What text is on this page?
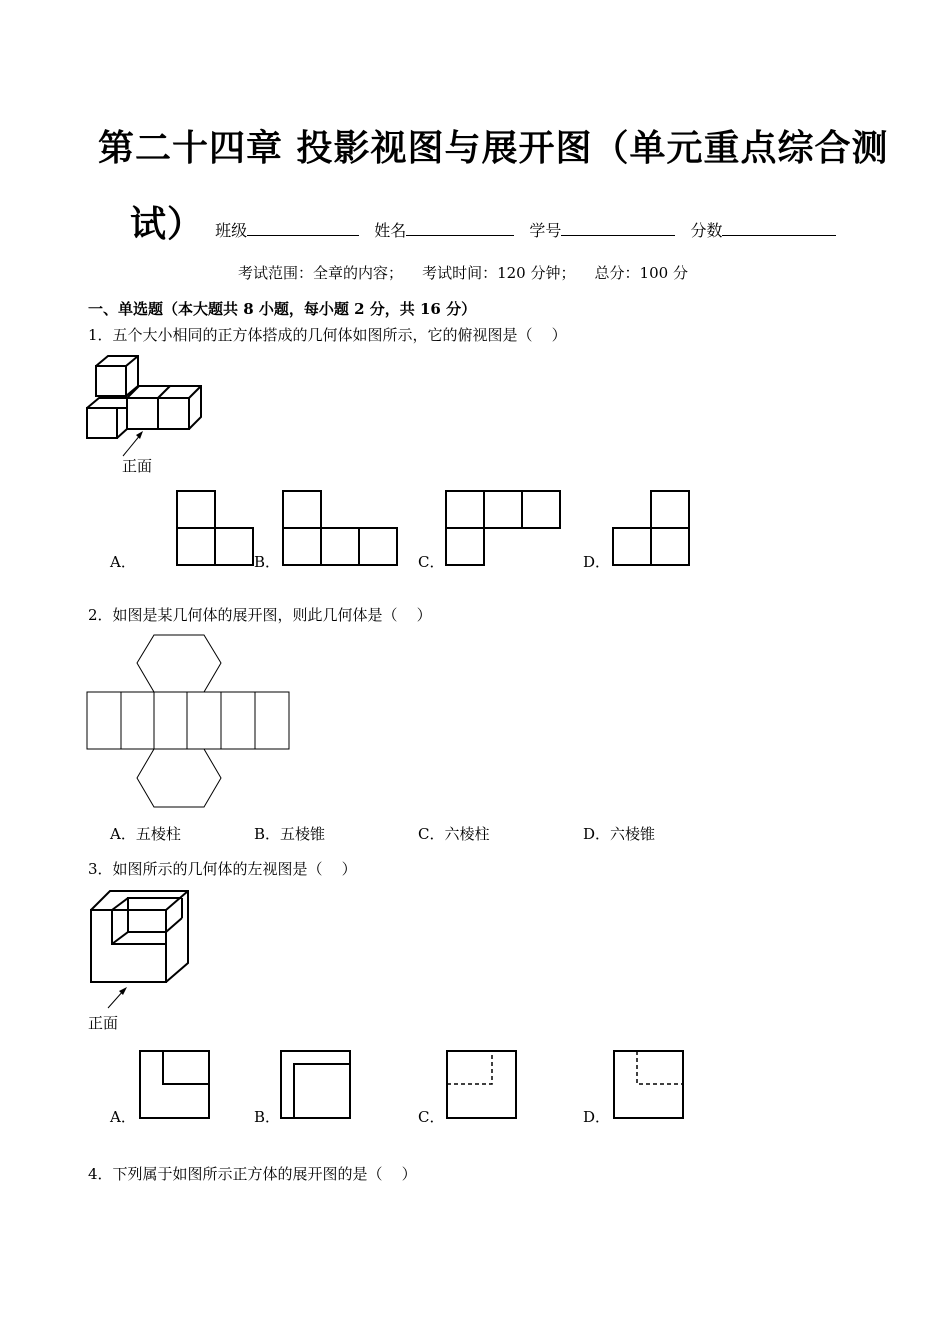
第二十四章 投影视图与展开图（单元重点综合测
试） 班级	姓名	学号	分数
考试范围：全章的内容；    考试时间：120 分钟；    总分：100 分
一、单选题（本大题共 8 小题，每小题 2 分，共 16 分）
1．五个大小相同的正方体搭成的几何体如图所示，它的俯视图是（    ）
正面
A．	B．	C．	D．
2．如图是某几何体的展开图，则此几何体是（    ）
A．五棱柱	B．五棱锥	C．六棱柱	D．六棱锥
3．如图所示的几何体的左视图是（    ）
正面
A．	B．	C．	D．
4．下列属于如图所示正方体的展开图的是（    ）
